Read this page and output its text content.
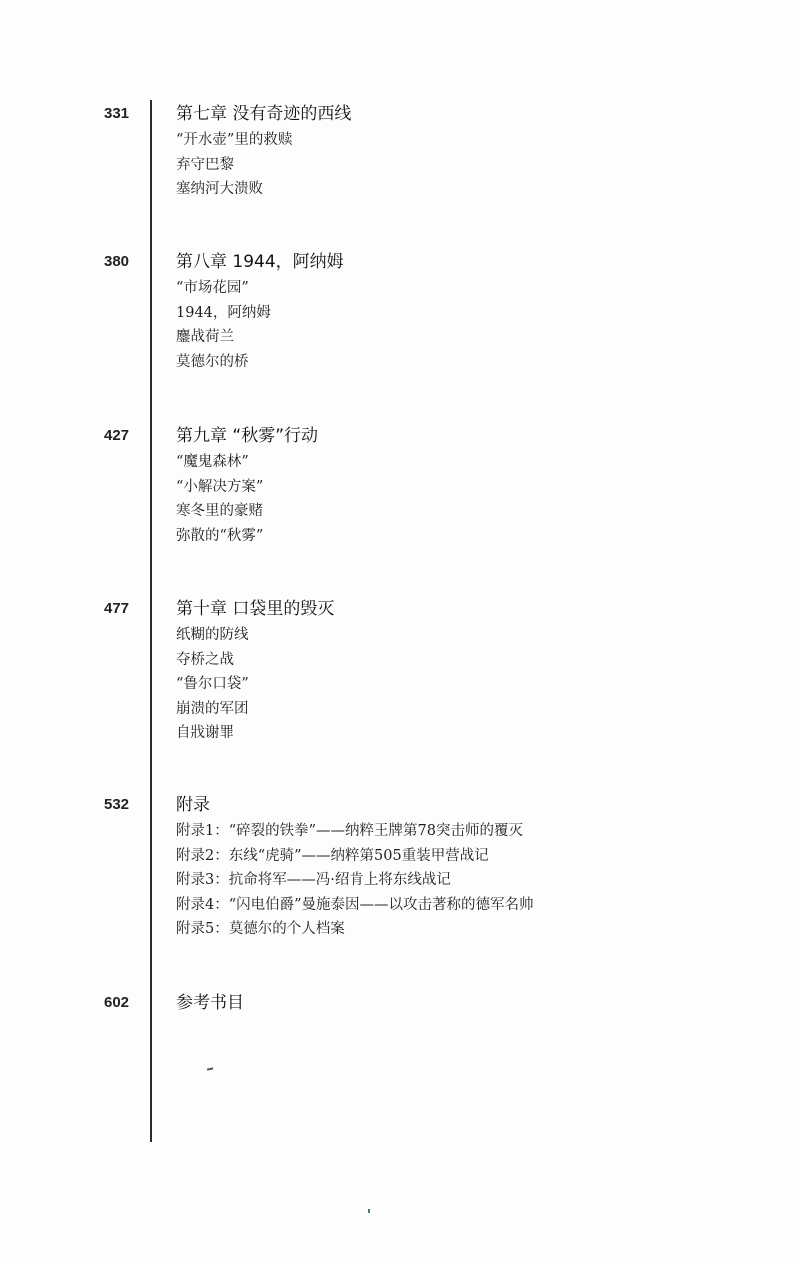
331	第七章 没有奇迹的西线
“开水壶”里的救赎
弃守巴黎
塞纳河大溃败
380	第八章 1944，阿纳姆
“市场花园”
1944，阿纳姆
鏖战荷兰
莫德尔的桥
427	第九章 “秋雾”行动
“魔鬼森林”
“小解决方案”
寒冬里的豪赌
弥散的“秋雾”
477	第十章 口袋里的毁灭
纸糊的防线
夺桥之战
“鲁尔口袋”
崩溃的军团
自戕谢罪
532	附录
附录1：“碎裂的铁拳”——纳粹王牌第78突击师的覆灭
附录2：东线“虎骑”——纳粹第505重装甲营战记
附录3：抗命将军——冯·绍肯上将东线战记
附录4：“闪电伯爵”曼施泰因——以攻击著称的德军名帅
附录5：莫德尔的个人档案
602	参考书目
